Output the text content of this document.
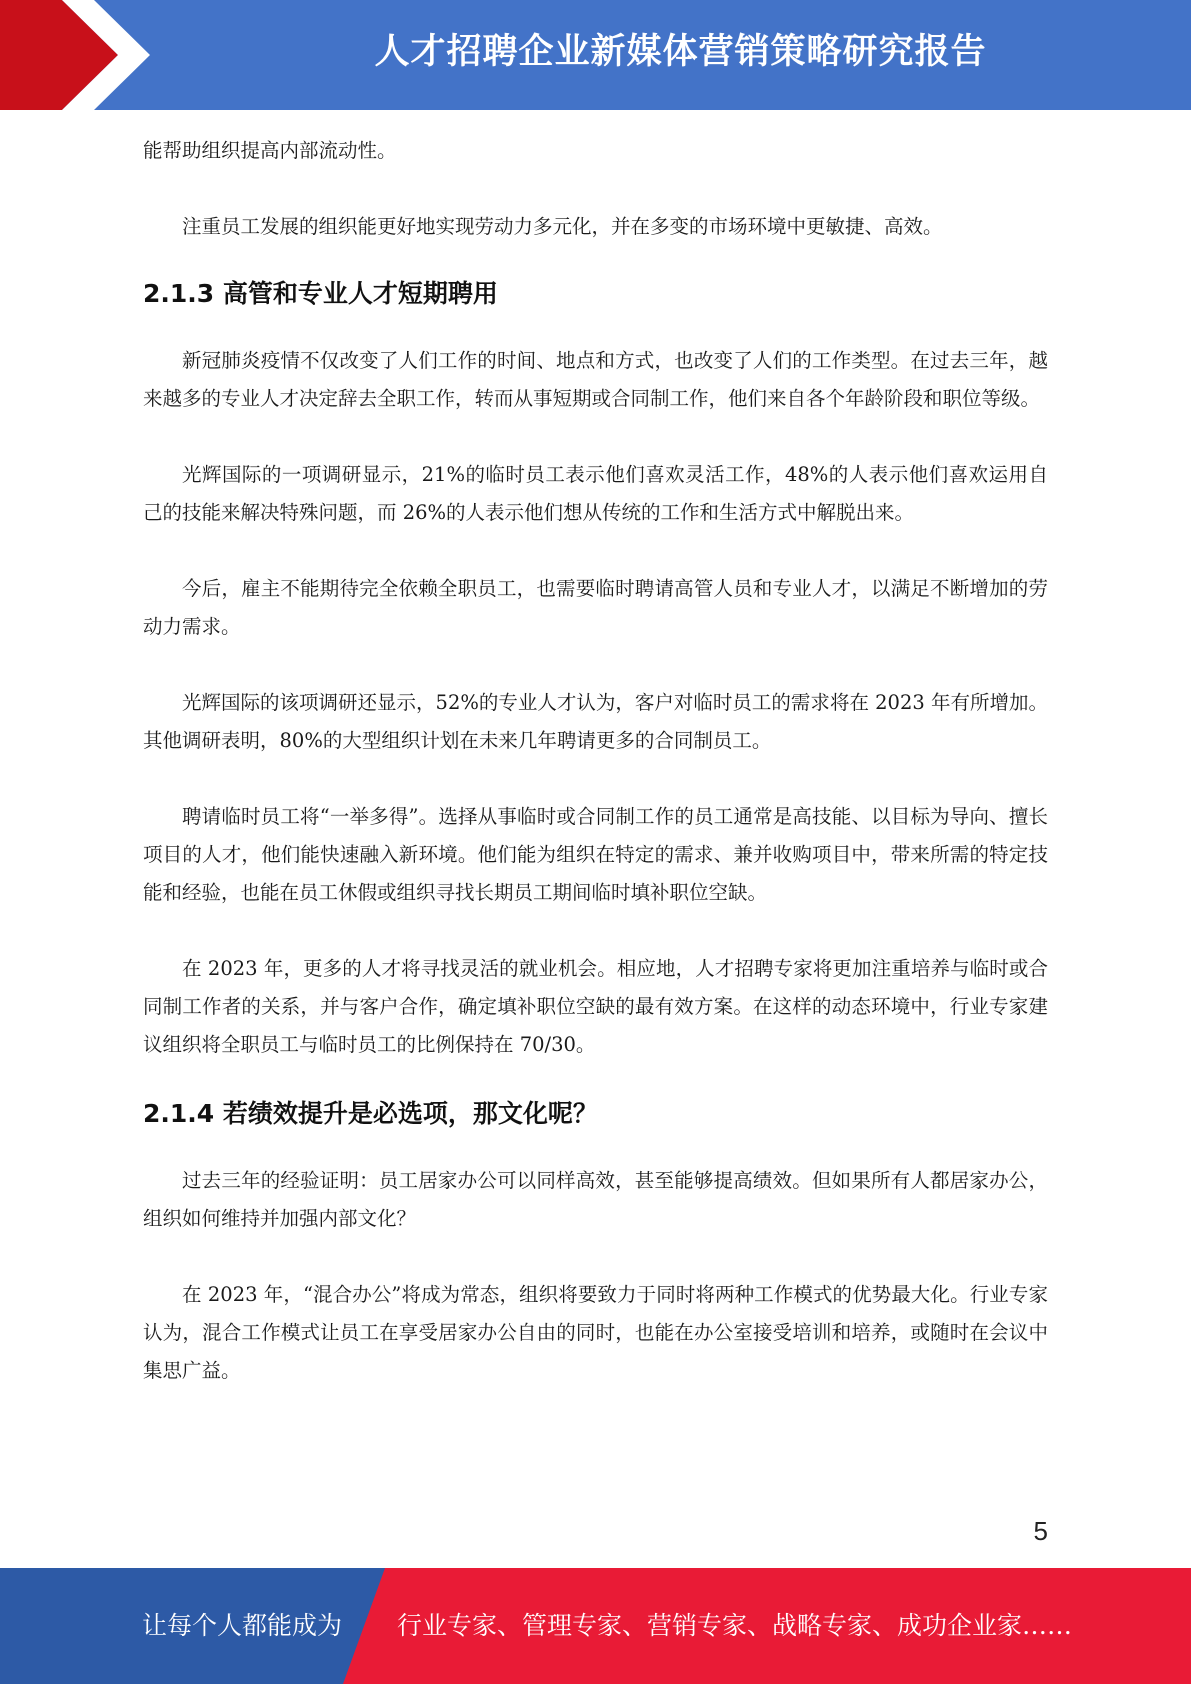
人才招聘企业新媒体营销策略研究报告

能帮助组织提高内部流动性。

注重员工发展的组织能更好地实现劳动力多元化，并在多变的市场环境中更敏捷、高效。

2.1.3 高管和专业人才短期聘用

新冠肺炎疫情不仅改变了人们工作的时间、地点和方式，也改变了人们的工作类型。在过去三年，越来越多的专业人才决定辞去全职工作，转而从事短期或合同制工作，他们来自各个年龄阶段和职位等级。

光辉国际的一项调研显示，21%的临时员工表示他们喜欢灵活工作，48%的人表示他们喜欢运用自己的技能来解决特殊问题，而 26%的人表示他们想从传统的工作和生活方式中解脱出来。

今后，雇主不能期待完全依赖全职员工，也需要临时聘请高管人员和专业人才，以满足不断增加的劳动力需求。

光辉国际的该项调研还显示，52%的专业人才认为，客户对临时员工的需求将在 2023 年有所增加。其他调研表明，80%的大型组织计划在未来几年聘请更多的合同制员工。

聘请临时员工将“一举多得”。选择从事临时或合同制工作的员工通常是高技能、以目标为导向、擅长项目的人才，他们能快速融入新环境。他们能为组织在特定的需求、兼并收购项目中，带来所需的特定技能和经验，也能在员工休假或组织寻找长期员工期间临时填补职位空缺。

在 2023 年，更多的人才将寻找灵活的就业机会。相应地，人才招聘专家将更加注重培养与临时或合同制工作者的关系，并与客户合作，确定填补职位空缺的最有效方案。在这样的动态环境中，行业专家建议组织将全职员工与临时员工的比例保持在 70/30。

2.1.4 若绩效提升是必选项，那文化呢？

过去三年的经验证明：员工居家办公可以同样高效，甚至能够提高绩效。但如果所有人都居家办公，组织如何维持并加强内部文化？

在 2023 年，“混合办公”将成为常态，组织将要致力于同时将两种工作模式的优势最大化。行业专家认为，混合工作模式让员工在享受居家办公自由的同时，也能在办公室接受培训和培养，或随时在会议中集思广益。

5
让每个人都能成为 行业专家、管理专家、营销专家、战略专家、成功企业家……
